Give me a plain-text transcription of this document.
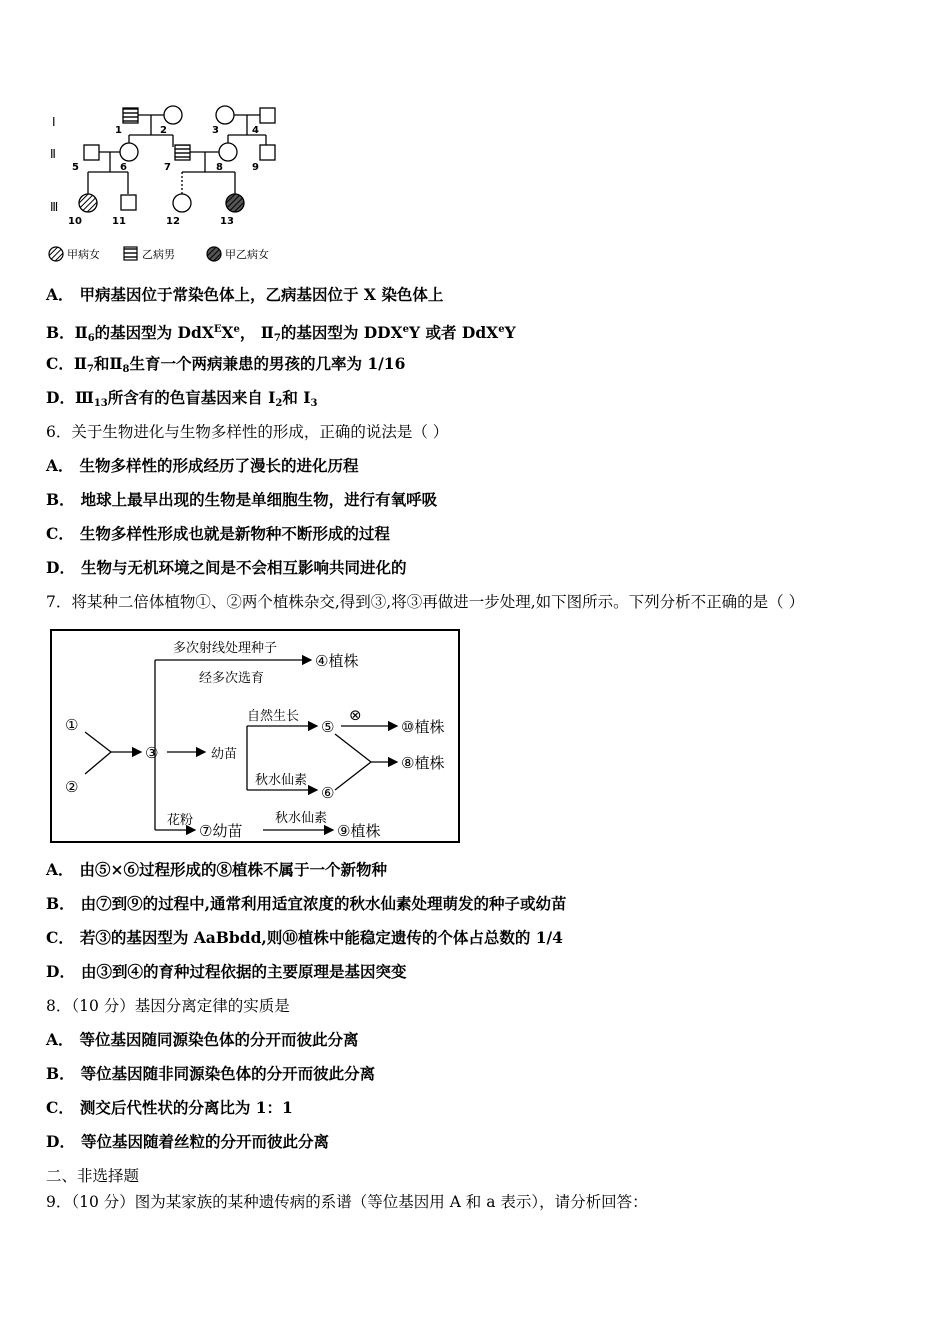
Ⅰ
Ⅱ
Ⅲ
1	2	3	4
5	6	7	8	9
10	11	12	13
甲病女	乙病男	甲乙病女
A． 甲病基因位于常染色体上，乙病基因位于 X 染色体上
B．$Ⅱ_6$的基因型为 DdX$^E$Xe， $Ⅱ_7$的基因型为 DDXeY 或者 DdX$^e$Y
C．$Ⅱ_7$和$Ⅱ_8$生育一个两病兼患的男孩的几率为 1/16
D．$Ⅲ_{13}$所含有的色盲基因来自 $I_2$和 $I_3$
6．关于生物进化与生物多样性的形成，正确的说法是（ ）
A． 生物多样性的形成经历了漫长的进化历程
B． 地球上最早出现的生物是单细胞生物，进行有氧呼吸
C． 生物多样性形成也就是新物种不断形成的过程
D． 生物与无机环境之间是不会相互影响共同进化的
7．将某种二倍体植物①、②两个植株杂交,得到③,将③再做进一步处理,如下图所示。下列分析不正确的是（ ）
①
②
③
多次射线处理种子
经多次选育
④植株
幼苗
自然生长
⑤
⊗
⑩植株
秋水仙素
⑥
⑧植株
花粉
⑦幼苗
秋水仙素
⑨植株
A． 由⑤×⑥过程形成的⑧植株不属于一个新物种
B． 由⑦到⑨的过程中,通常利用适宜浓度的秋水仙素处理萌发的种子或幼苗
C． 若③的基因型为 AaBbdd,则⑩植株中能稳定遗传的个体占总数的 1/4
D． 由③到④的育种过程依据的主要原理是基因突变
8．（10 分）基因分离定律的实质是
A． 等位基因随同源染色体的分开而彼此分离
B． 等位基因随非同源染色体的分开而彼此分离
C． 测交后代性状的分离比为 1：1
D． 等位基因随着丝粒的分开而彼此分离
二、非选择题
9．（10 分）图为某家族的某种遗传病的系谱（等位基因用 A 和 a 表示），请分析回答：
